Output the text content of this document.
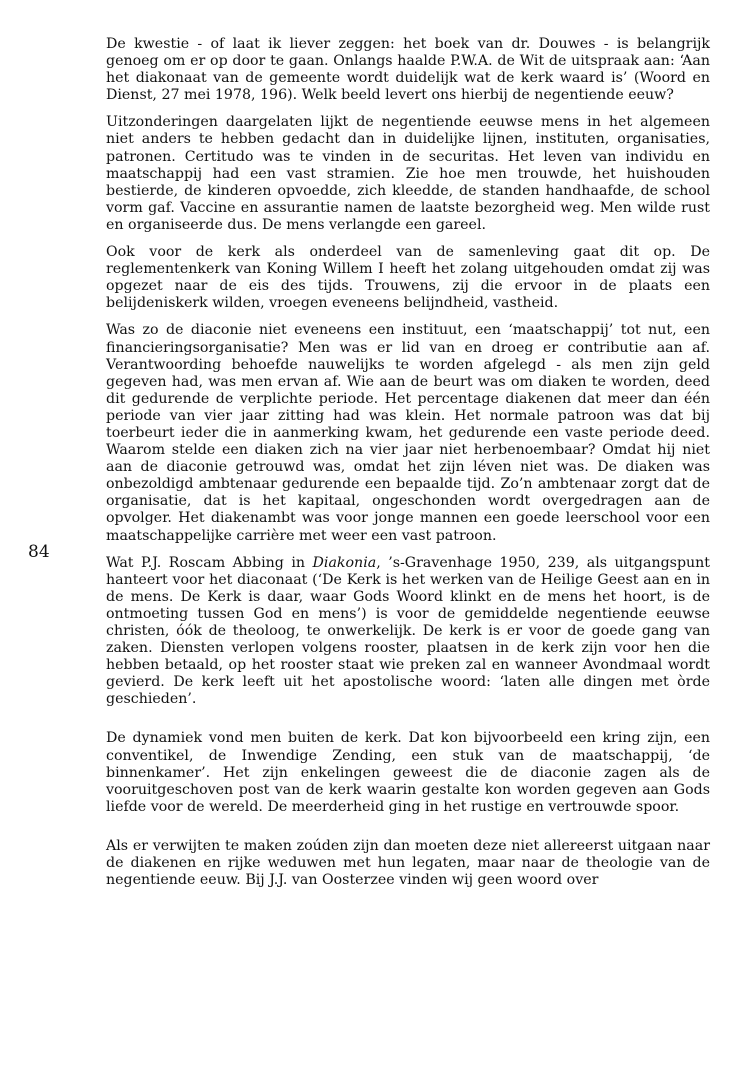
84

De kwestie - of laat ik liever zeggen: het boek van dr. Douwes - is belangrijk genoeg om er op door te gaan. Onlangs haalde P.W.A. de Wit de uitspraak aan: ‘Aan het diakonaat van de gemeente wordt duidelijk wat de kerk waard is’ (Woord en Dienst, 27 mei 1978, 196). Welk beeld levert ons hierbij de negentiende eeuw?

Uitzonderingen daargelaten lijkt de negentiende eeuwse mens in het algemeen niet anders te hebben gedacht dan in duidelijke lijnen, instituten, organisaties, patronen. Certitudo was te vinden in de securitas. Het leven van individu en maatschappij had een vast stramien. Zie hoe men trouwde, het huishouden bestierde, de kinderen opvoedde, zich kleedde, de standen handhaafde, de school vorm gaf. Vaccine en assurantie namen de laatste bezorgheid weg. Men wilde rust en organiseerde dus. De mens verlangde een gareel.

Ook voor de kerk als onderdeel van de samenleving gaat dit op. De reglementenkerk van Koning Willem I heeft het zolang uitgehouden omdat zij was opgezet naar de eis des tijds. Trouwens, zij die ervoor in de plaats een belijdeniskerk wilden, vroegen eveneens belijndheid, vastheid.

Was zo de diaconie niet eveneens een instituut, een ‘maatschappij’ tot nut, een financieringsorganisatie? Men was er lid van en droeg er contributie aan af. Verantwoording behoefde nauwelijks te worden afgelegd - als men zijn geld gegeven had, was men ervan af. Wie aan de beurt was om diaken te worden, deed dit gedurende de verplichte periode. Het percentage diakenen dat meer dan één periode van vier jaar zitting had was klein. Het normale patroon was dat bij toerbeurt ieder die in aanmerking kwam, het gedurende een vaste periode deed. Waarom stelde een diaken zich na vier jaar niet herbenoembaar? Omdat hij niet aan de diaconie getrouwd was, omdat het zijn léven niet was. De diaken was onbezoldigd ambtenaar gedurende een bepaalde tijd. Zo’n ambtenaar zorgt dat de organisatie, dat is het kapitaal, ongeschonden wordt overgedragen aan de opvolger. Het diakenambt was voor jonge mannen een goede leerschool voor een maatschappelijke carrière met weer een vast patroon.

Wat P.J. Roscam Abbing in Diakonia, ’s-Gravenhage 1950, 239, als uitgangspunt hanteert voor het diaconaat (‘De Kerk is het werken van de Heilige Geest aan en in de mens. De Kerk is daar, waar Gods Woord klinkt en de mens het hoort, is de ontmoeting tussen God en mens’) is voor de gemiddelde negentiende eeuwse christen, óók de theoloog, te onwerkelijk. De kerk is er voor de goede gang van zaken. Diensten verlopen volgens rooster, plaatsen in de kerk zijn voor hen die hebben betaald, op het rooster staat wie preken zal en wanneer Avondmaal wordt gevierd. De kerk leeft uit het apostolische woord: ‘laten alle dingen met òrde geschieden’.

De dynamiek vond men buiten de kerk. Dat kon bijvoorbeeld een kring zijn, een conventikel, de Inwendige Zending, een stuk van de maatschappij, ‘de binnenkamer’. Het zijn enkelingen geweest die de diaconie zagen als de vooruitgeschoven post van de kerk waarin gestalte kon worden gegeven aan Gods liefde voor de wereld. De meerderheid ging in het rustige en vertrouwde spoor.

Als er verwijten te maken zoúden zijn dan moeten deze niet allereerst uitgaan naar de diakenen en rijke weduwen met hun legaten, maar naar de theologie van de negentiende eeuw. Bij J.J. van Oosterzee vinden wij geen woord over
